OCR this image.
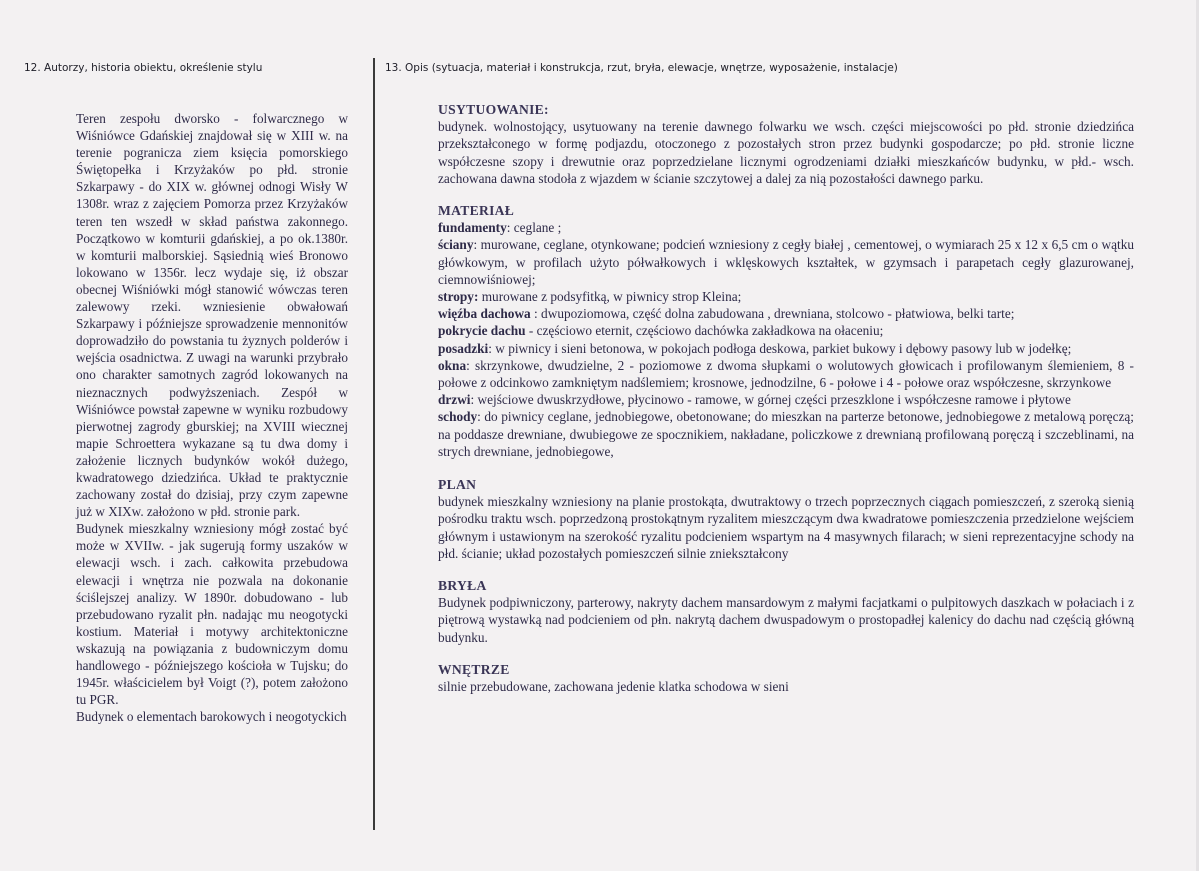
12. Autorzy, historia obiektu, określenie stylu	13. Opis (sytuacja, materiał i konstrukcja, rzut, bryła, elewacje, wnętrze, wyposażenie, instalacje)

Teren zespołu dworsko - folwarcznego w Wiśniówce Gdańskiej znajdował się w XIII w. na terenie pogranicza ziem księcia pomorskiego Świętopełka i Krzyżaków po płd. stronie Szkarpawy - do XIX w. głównej odnogi Wisły W 1308r. wraz z zajęciem Pomorza przez Krzyżaków teren ten wszedł w skład państwa zakonnego. Początkowo w komturii gdańskiej, a po ok.1380r. w komturii malborskiej. Sąsiednią wieś Bronowo lokowano w 1356r. lecz wydaje się, iż obszar obecnej Wiśniówki mógł stanowić wówczas teren zalewowy rzeki. wzniesienie obwałowań Szkarpawy i późniejsze sprowadzenie mennonitów doprowadziło do powstania tu żyznych polderów i wejścia osadnictwa. Z uwagi na warunki przybrało ono charakter samotnych zagród lokowanych na nieznacznych podwyższeniach. Zespół w Wiśniówce powstał zapewne w wyniku rozbudowy pierwotnej zagrody gburskiej; na XVIII wiecznej mapie Schroettera wykazane są tu dwa domy i założenie licznych budynków wokół dużego, kwadratowego dziedzińca. Układ te praktycznie zachowany został do dzisiaj, przy czym zapewne już w XIXw. założono w płd. stronie park.

Budynek mieszkalny wzniesiony mógł zostać być może w XVIIw. - jak sugerują formy uszaków w elewacji wsch. i zach. całkowita przebudowa elewacji i wnętrza nie pozwala na dokonanie ściślejszej analizy. W 1890r. dobudowano - lub przebudowano ryzalit płn. nadając mu neogotycki kostium. Materiał i motywy architektoniczne wskazują na powiązania z budowniczym domu handlowego - późniejszego kościoła w Tujsku; do 1945r. właścicielem był Voigt (?), potem założono tu PGR.

Budynek o elementach barokowych i neogotyckich

USYTUOWANIE:

budynek. wolnostojący, usytuowany na terenie dawnego folwarku we wsch. części miejscowości po płd. stronie dziedzińca przekształconego w formę podjazdu, otoczonego z pozostałych stron przez budynki gospodarcze; po płd. stronie liczne współczesne szopy i drewutnie oraz poprzedzielane licznymi ogrodzeniami działki mieszkańców budynku, w płd.- wsch. zachowana dawna stodoła z wjazdem w ścianie szczytowej a dalej za nią pozostałości dawnego parku.

MATERIAŁ

fundamenty: ceglane ;

ściany: murowane, ceglane, otynkowane; podcień wzniesiony z cegły białej , cementowej, o wymiarach 25 x 12 x 6,5 cm o wątku główkowym, w profilach użyto półwałkowych i wklęskowych kształtek, w gzymsach i parapetach cegły glazurowanej, ciemnowiśniowej;

stropy: murowane z podsyfitką, w piwnicy strop Kleina;

więźba dachowa : dwupoziomowa, część dolna zabudowana , drewniana, stolcowo - płatwiowa, belki tarte;

pokrycie dachu - częściowo eternit, częściowo dachówka zakładkowa na ołaceniu;

posadzki: w piwnicy i sieni betonowa, w pokojach podłoga deskowa, parkiet bukowy i dębowy pasowy lub w jodełkę;

okna: skrzynkowe, dwudzielne, 2 - poziomowe z dwoma słupkami o wolutowych głowicach i profilowanym ślemieniem, 8 - połowe z odcinkowo zamkniętym nadślemiem; krosnowe, jednodzilne, 6 - połowe i 4 - połowe oraz współczesne, skrzynkowe

drzwi: wejściowe dwuskrzydłowe, płycinowo - ramowe, w górnej części przeszklone i współczesne ramowe i płytowe

schody: do piwnicy ceglane, jednobiegowe, obetonowane; do mieszkan na parterze betonowe, jednobiegowe z metalową poręczą; na poddasze drewniane, dwubiegowe ze spocznikiem, nakładane, policzkowe z drewnianą profilowaną poręczą i szczeblinami, na strych drewniane, jednobiegowe,

PLAN

budynek mieszkalny wzniesiony na planie prostokąta, dwutraktowy o trzech poprzecznych ciągach pomieszczeń, z szeroką sienią pośrodku traktu wsch. poprzedzoną prostokątnym ryzalitem mieszczącym dwa kwadratowe pomieszczenia przedzielone wejściem głównym i ustawionym na szerokość ryzalitu podcieniem wspartym na 4 masywnych filarach; w sieni reprezentacyjne schody na płd. ścianie; układ pozostałych pomieszczeń silnie zniekształcony

BRYŁA

Budynek podpiwniczony, parterowy, nakryty dachem mansardowym z małymi facjatkami o pulpitowych daszkach w połaciach i z piętrową wystawką nad podcieniem od płn. nakrytą dachem dwuspadowym o prostopadłej kalenicy do dachu nad częścią główną budynku.

WNĘTRZE

silnie przebudowane, zachowana jedenie klatka schodowa w sieni
